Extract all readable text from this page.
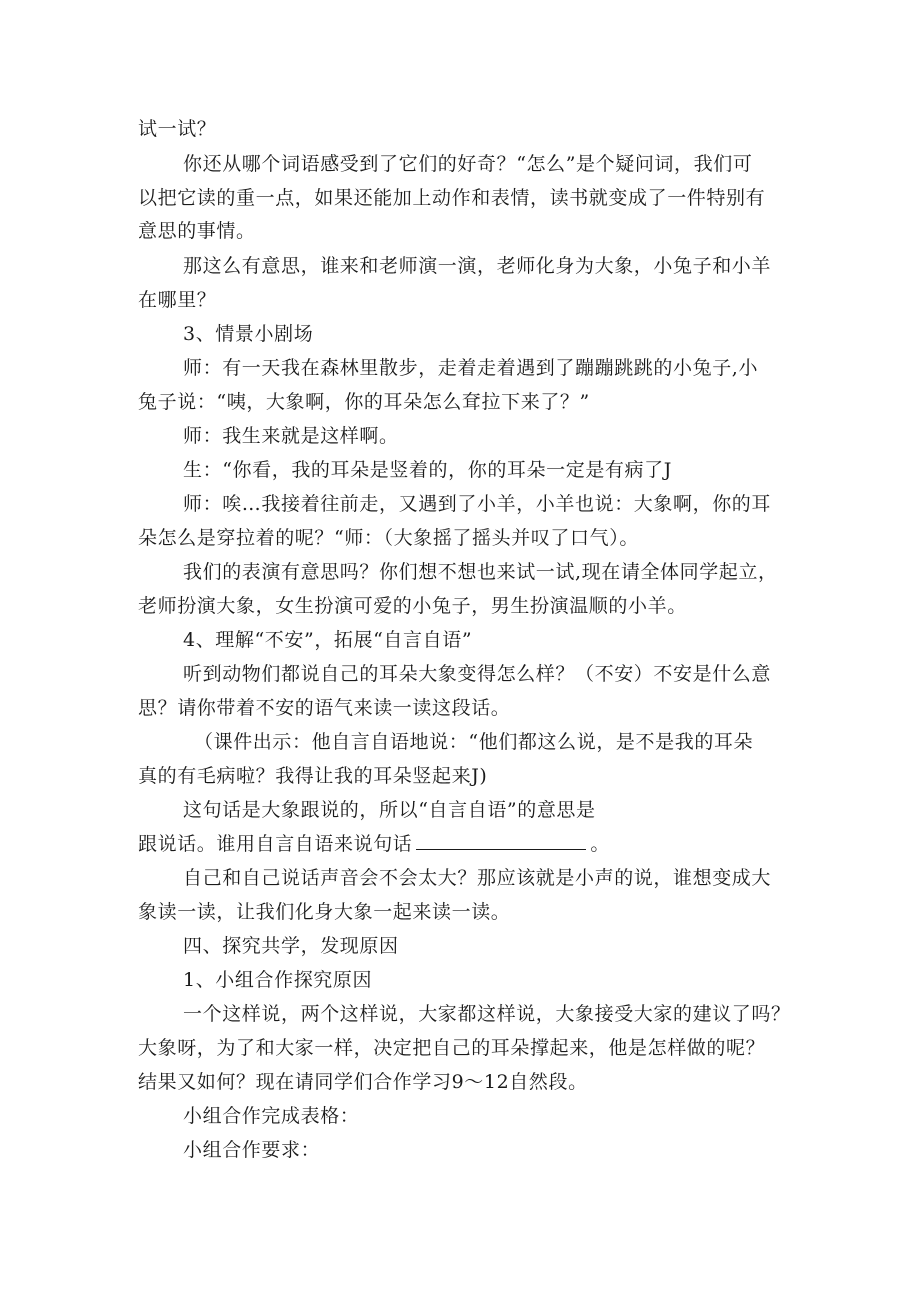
试一试？
你还从哪个词语感受到了它们的好奇？“怎么”是个疑问词，我们可
以把它读的重一点，如果还能加上动作和表情，读书就变成了一件特别有
意思的事情。
那这么有意思，谁来和老师演一演，老师化身为大象，小兔子和小羊
在哪里？
3、情景小剧场
师：有一天我在森林里散步，走着走着遇到了蹦蹦跳跳的小兔子,小
兔子说：“咦，大象啊，你的耳朵怎么耷拉下来了？”
师：我生来就是这样啊。
生：“你看，我的耳朵是竖着的，你的耳朵一定是有病了J
师：唉…我接着往前走，又遇到了小羊，小羊也说：大象啊，你的耳
朵怎么是穿拉着的呢？“师：（大象摇了摇头并叹了口气）。
我们的表演有意思吗？你们想不想也来试一试,现在请全体同学起立，
老师扮演大象，女生扮演可爱的小兔子，男生扮演温顺的小羊。
4、理解“不安”，拓展“自言自语”
听到动物们都说自己的耳朵大象变得怎么样？（不安）不安是什么意
思？请你带着不安的语气来读一读这段话。
（课件出示：他自言自语地说：“他们都这么说，是不是我的耳朵
真的有毛病啦？我得让我的耳朵竖起来J)
这句话是大象跟说的，所以“自言自语”的意思是
跟说话。谁用自言自语来说句话	。
自己和自己说话声音会不会太大？那应该就是小声的说，谁想变成大
象读一读，让我们化身大象一起来读一读。
四、探究共学，发现原因
1、小组合作探究原因
一个这样说，两个这样说，大家都这样说，大象接受大家的建议了吗？
大象呀，为了和大家一样，决定把自己的耳朵撑起来，他是怎样做的呢？
结果又如何？现在请同学们合作学习9～12自然段。
小组合作完成表格：
小组合作要求：
